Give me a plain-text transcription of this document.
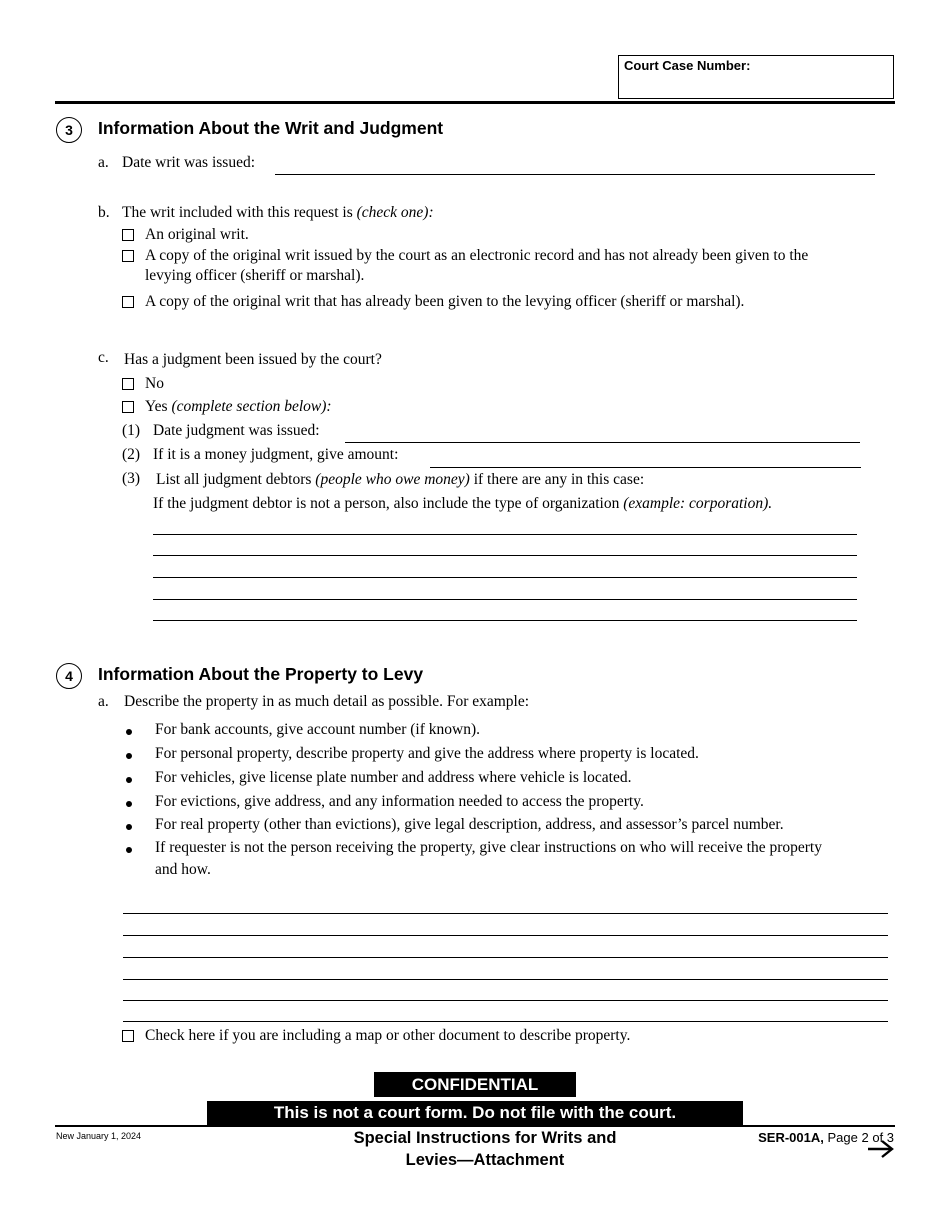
Court Case Number:
3	Information About the Writ and Judgment
a. Date writ was issued:
b. The writ included with this request is (check one):
An original writ.
A copy of the original writ issued by the court as an electronic record and has not already been given to the
levying officer (sheriff or marshal).
A copy of the original writ that has already been given to the levying officer (sheriff or marshal).
c. Has a judgment been issued by the court?
No
Yes (complete section below):
(1) Date judgment was issued:
(2) If it is a money judgment, give amount:
(3) List all judgment debtors (people who owe money) if there are any in this case:
If the judgment debtor is not a person, also include the type of organization (example: corporation).
4	Information About the Property to Levy
a. Describe the property in as much detail as possible. For example:
For bank accounts, give account number (if known).
For personal property, describe property and give the address where property is located.
For vehicles, give license plate number and address where vehicle is located.
For evictions, give address, and any information needed to access the property.
For real property (other than evictions), give legal description, address, and assessor’s parcel number.
If requester is not the person receiving the property, give clear instructions on who will receive the property
and how.
Check here if you are including a map or other document to describe property.
CONFIDENTIAL
This is not a court form. Do not file with the court.
New January 1, 2024	Special Instructions for Writs and
Levies—Attachment
SER-001A, Page 2 of 3
